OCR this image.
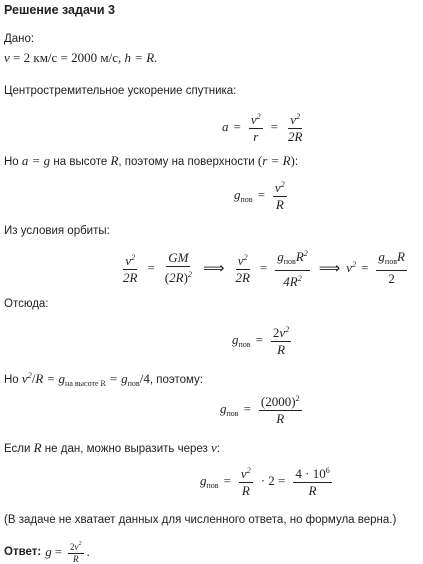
Решение задачи 3
Дано:
v = 2 км/с = 2000 м/с, h = R.
Центростремительное ускорение спутника:
$a = \frac{v^2}{r} = \frac{v^2}{2R}$
Но a = g на высоте R, поэтому на поверхности (r = R):
$g_{пов} = \frac{v^2}{R}$
Из условия орбиты:
$\frac{v^2}{2R} = \frac{GM}{(2R)^2}$ ⟹ $\frac{v^2}{2R} = \frac{g_{пов}R^2}{4R^2}$ ⟹ $v^2 = \frac{g_{пов}R}{2}$
Отсюда:
$g_{пов} = \frac{2v^2}{R}$
Но $v^2/R = g_{на высоте}$ $_R = g_{пов}/4$, поэтому:
$g_{пов} = \frac{(2000)^2}{R}$
Если R не дан, можно выразить через v:
$g_{пов} = \frac{v^2}{R} \cdot 2 = \frac{4 \cdot 10^6}{R}$
(В задаче не хватает данных для численного ответа, но формула верна.)
Ответ: $g = \frac{2v^2}{R}$ .
